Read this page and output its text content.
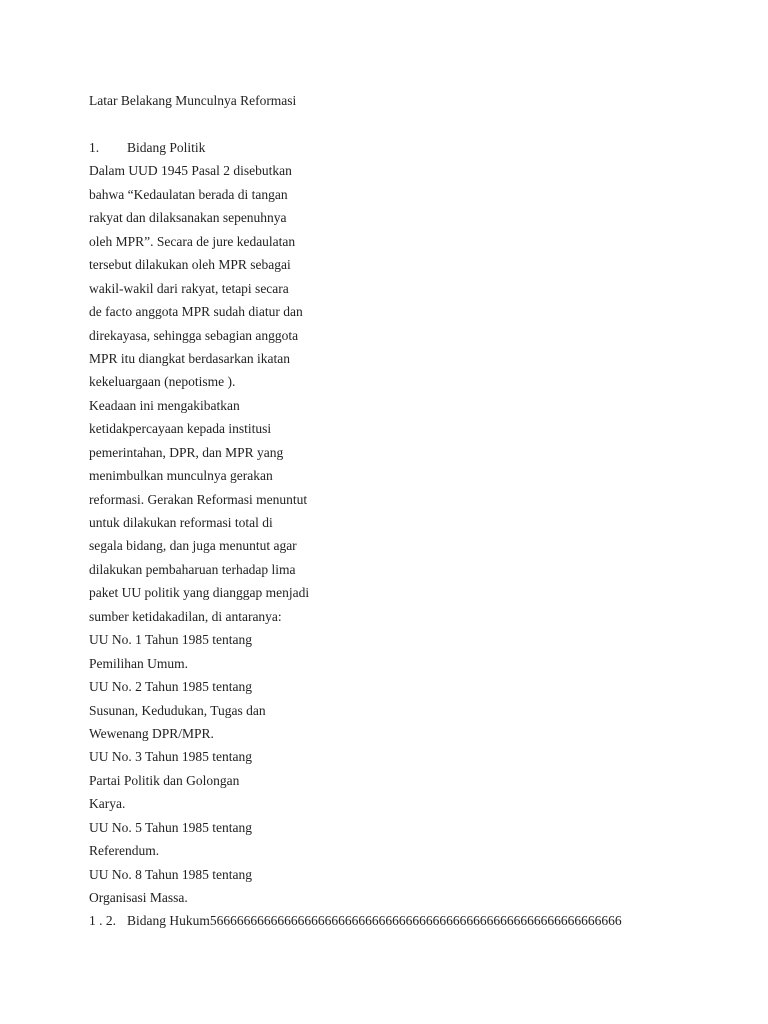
Latar Belakang Munculnya Reformasi
1. Bidang Politik
Dalam UUD 1945 Pasal 2 disebutkan
bahwa “Kedaulatan berada di tangan
rakyat dan dilaksanakan sepenuhnya
oleh MPR”. Secara de jure kedaulatan
tersebut dilakukan oleh MPR sebagai
wakil-wakil dari rakyat, tetapi secara
de facto anggota MPR sudah diatur dan
direkayasa, sehingga sebagian anggota
MPR itu diangkat berdasarkan ikatan
kekeluargaan (nepotisme ).
Keadaan ini mengakibatkan
ketidakpercayaan kepada institusi
pemerintahan, DPR, dan MPR yang
menimbulkan munculnya gerakan
reformasi. Gerakan Reformasi menuntut
untuk dilakukan reformasi total di
segala bidang, dan juga menuntut agar
dilakukan pembaharuan terhadap lima
paket UU politik yang dianggap menjadi
sumber ketidakadilan, di antaranya:
UU No. 1 Tahun 1985 tentang
Pemilihan Umum.
UU No. 2 Tahun 1985 tentang
Susunan, Kedudukan, Tugas dan
Wewenang DPR/MPR.
UU No. 3 Tahun 1985 tentang
Partai Politik dan Golongan
Karya.
UU No. 5 Tahun 1985 tentang
Referendum.
UU No. 8 Tahun 1985 tentang
Organisasi Massa.
1 . 2. Bidang Hukum5666666666666666666666666666666666666666666666666666666666666
